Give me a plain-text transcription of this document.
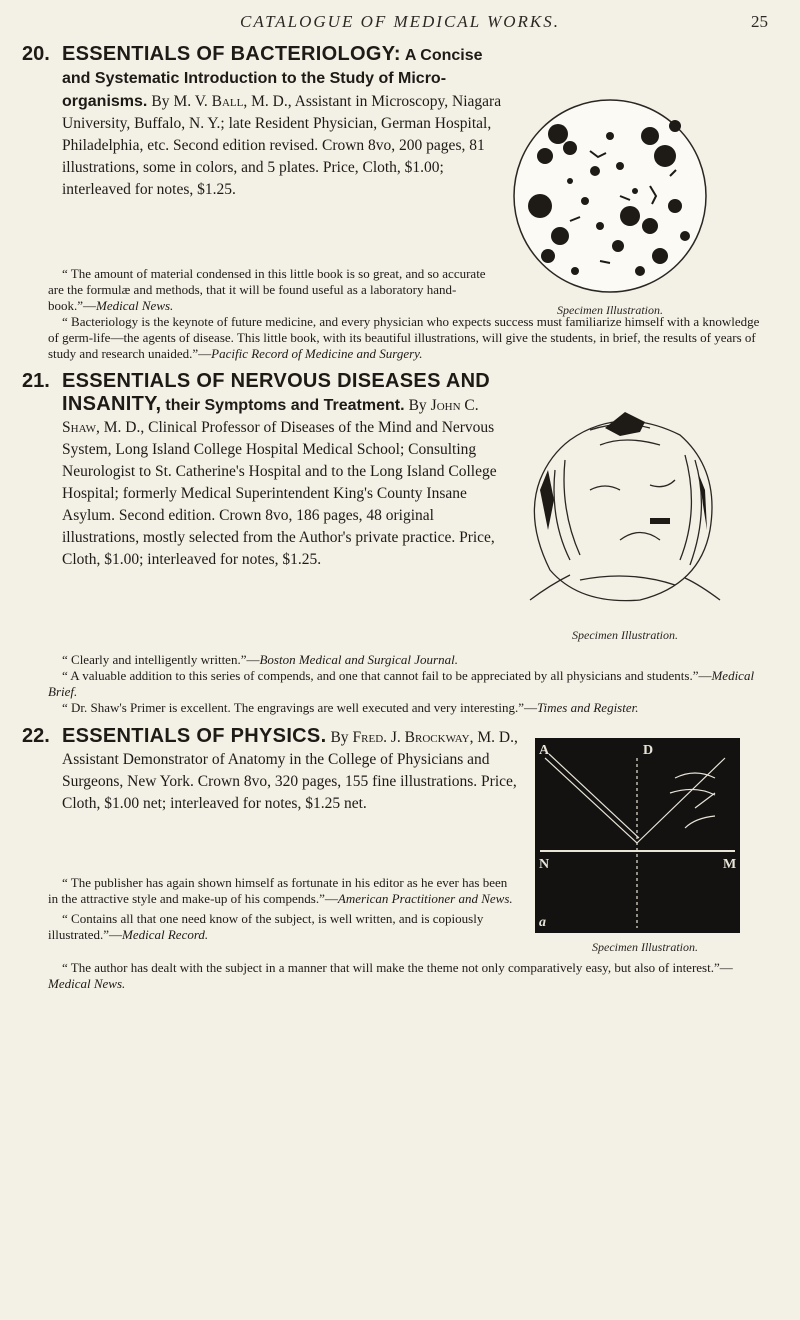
CATALOGUE OF MEDICAL WORKS.	25
20. ESSENTIALS OF BACTERIOLOGY: A Concise and Systematic Introduction to the Study of Micro-organisms. By M. V. Ball, M. D., Assistant in Microscopy, Niagara University, Buffalo, N. Y.; late Resident Physician, German Hospital, Philadelphia, etc. Second edition revised. Crown 8vo, 200 pages, 81 illustrations, some in colors, and 5 plates. Price, Cloth, $1.00; interleaved for notes, $1.25.

“ The amount of material condensed in this little book is so great, and so accurate are the formulæ and methods, that it will be found useful as a laboratory hand-book.”—Medical News.

“ Bacteriology is the keynote of future medicine, and every physician who expects success must familiarize himself with a knowledge of germ-life—the agents of disease. This little book, with its beautiful illustrations, will give the students, in brief, the results of years of study and research unaided.”—Pacific Record of Medicine and Surgery.

Specimen Illustration.
21. ESSENTIALS OF NERVOUS DISEASES AND INSANITY, their Symptoms and Treatment. By John C. Shaw, M. D., Clinical Professor of Diseases of the Mind and Nervous System, Long Island College Hospital Medical School; Consulting Neurologist to St. Catherine's Hospital and to the Long Island College Hospital; formerly Medical Superintendent King's County Insane Asylum. Second edition. Crown 8vo, 186 pages, 48 original illustrations, mostly selected from the Author's private practice. Price, Cloth, $1.00; interleaved for notes, $1.25.
Specimen Illustration.

“ Clearly and intelligently written.”—Boston Medical and Surgical Journal.

“ A valuable addition to this series of compends, and one that cannot fail to be appreciated by all physicians and students.”—Medical Brief.

“ Dr. Shaw's Primer is excellent. The engravings are well executed and very interesting.”—Times and Register.

22. ESSENTIALS OF PHYSICS. By Fred. J. Brockway, M. D., Assistant Demonstrator of Anatomy in the College of Physicians and Surgeons, New York. Crown 8vo, 320 pages, 155 fine illustrations. Price, Cloth, $1.00 net; interleaved for notes, $1.25 net.

“ The publisher has again shown himself as fortunate in his editor as he ever has been in the attractive style and make-up of his compends.”—American Practitioner and News.

“ Contains all that one need know of the subject, is well written, and is copiously illustrated.”—Medical Record.

“ The author has dealt with the subject in a manner that will make the theme not only comparatively easy, but also of interest.”—Medical News.

A	D
N	M
a
Specimen Illustration.
